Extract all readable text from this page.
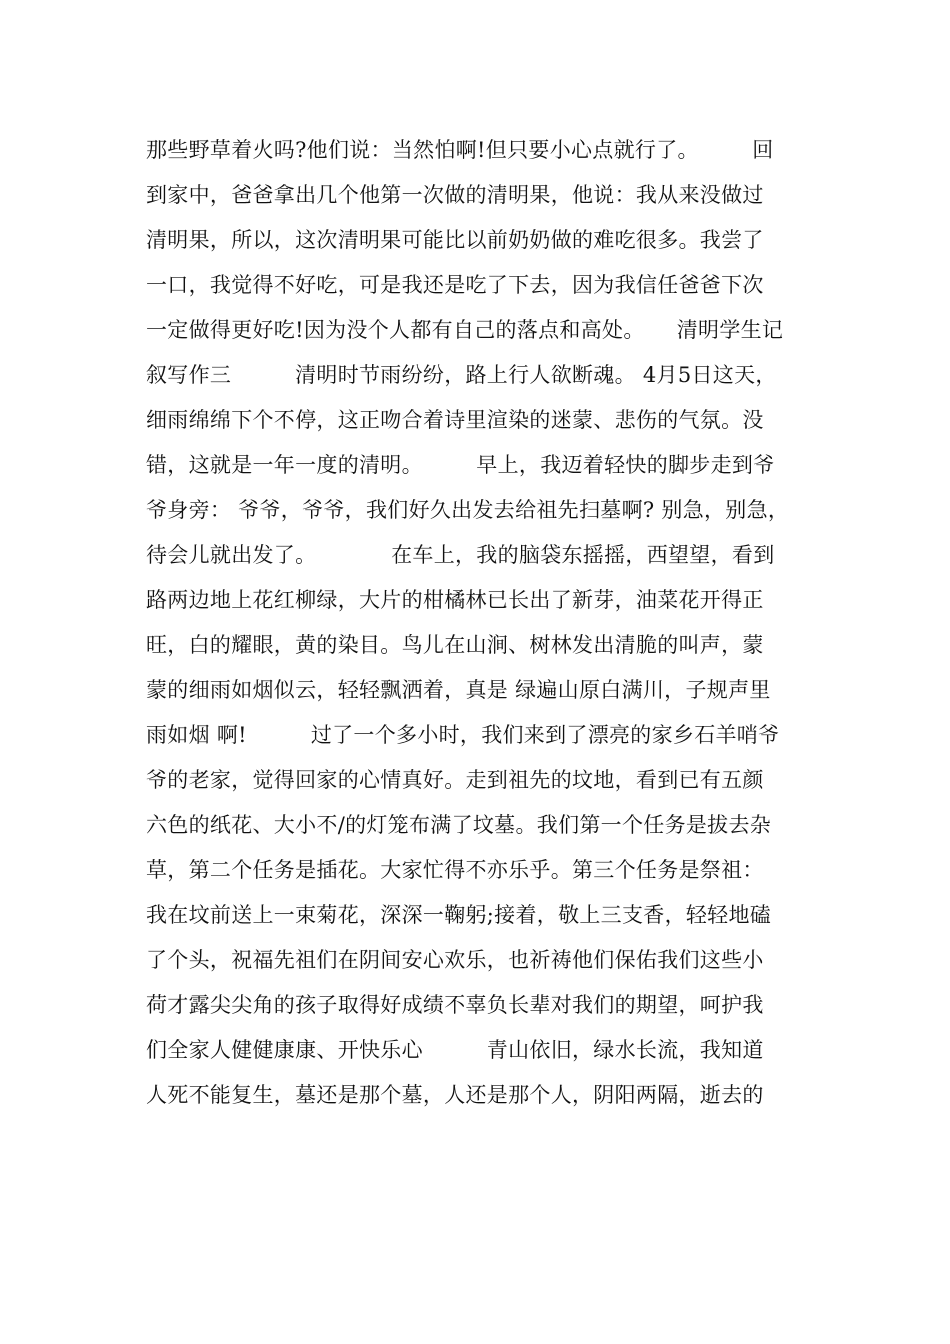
那些野草着火吗?他们说：当然怕啊!但只要小心点就行了。　　　回
到家中，爸爸拿出几个他第一次做的清明果，他说：我从来没做过
清明果，所以，这次清明果可能比以前奶奶做的难吃很多。我尝了
一口，我觉得不好吃，可是我还是吃了下去，因为我信任爸爸下次
一定做得更好吃!因为没个人都有自己的落点和高处。　　清明学生记
叙写作三　　　清明时节雨纷纷，路上行人欲断魂。 4月5日这天，
细雨绵绵下个不停，这正吻合着诗里渲染的迷蒙、悲伤的气氛。没
错，这就是一年一度的清明。　　　早上，我迈着轻快的脚步走到爷
爷身旁： 爷爷，爷爷，我们好久出发去给祖先扫墓啊? 别急，别急，
待会儿就出发了。　　　　在车上，我的脑袋东摇摇，西望望，看到
路两边地上花红柳绿，大片的柑橘林已长出了新芽，油菜花开得正
旺，白的耀眼，黄的染目。鸟儿在山涧、树林发出清脆的叫声，蒙
蒙的细雨如烟似云，轻轻飘洒着，真是 绿遍山原白满川，子规声里
雨如烟 啊!　　　过了一个多小时，我们来到了漂亮的家乡石羊哨爷
爷的老家，觉得回家的心情真好。走到祖先的坟地，看到已有五颜
六色的纸花、大小不/的灯笼布满了坟墓。我们第一个任务是拔去杂
草，第二个任务是插花。大家忙得不亦乐乎。第三个任务是祭祖：
我在坟前送上一束菊花，深深一鞠躬;接着，敬上三支香，轻轻地磕
了个头，祝福先祖们在阴间安心欢乐，也祈祷他们保佑我们这些小
荷才露尖尖角的孩子取得好成绩不辜负长辈对我们的期望，呵护我
们全家人健健康康、开快乐心　　　青山依旧，绿水长流，我知道
人死不能复生，墓还是那个墓，人还是那个人，阴阳两隔，逝去的
